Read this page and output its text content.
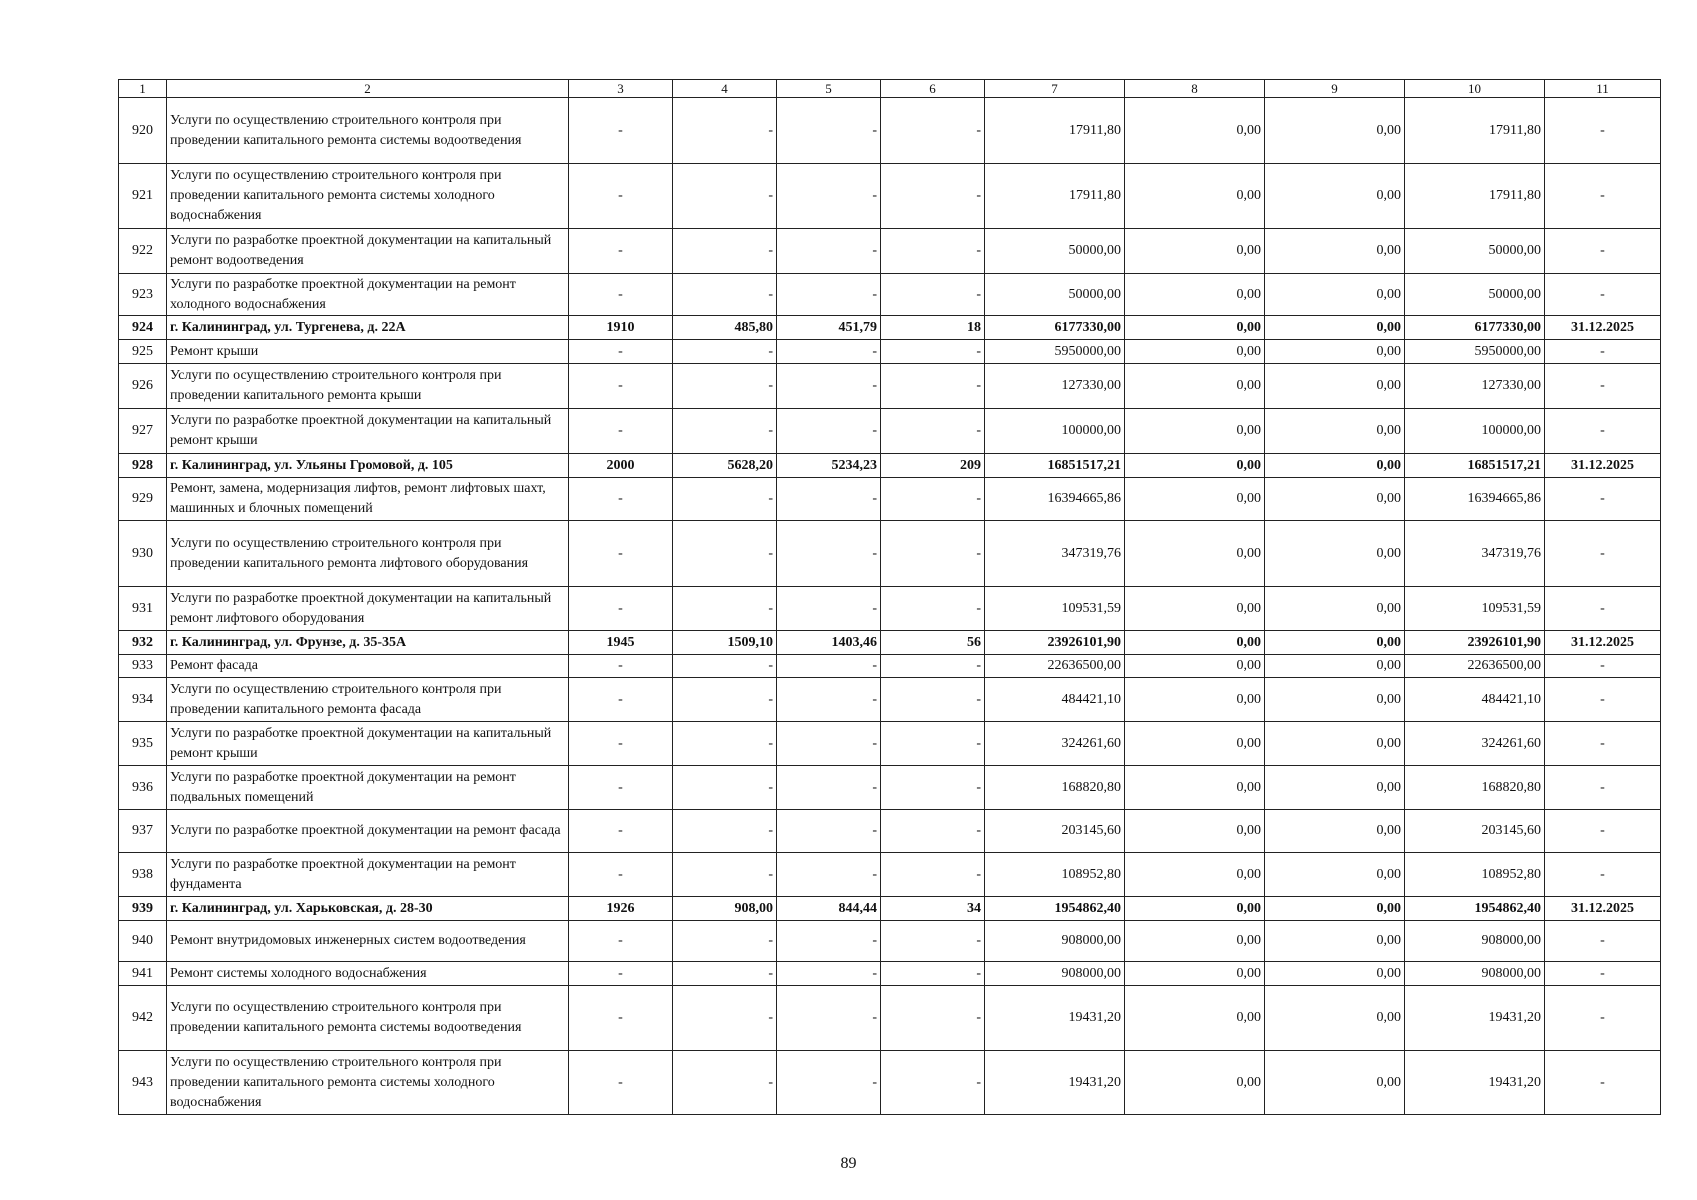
1	2	3	4	5	6	7	8	9	10	11
920	Услуги по осуществлению строительного контроля при проведении капитального ремонта системы водоотведения	-	-	-	-	17911,80	0,00	0,00	17911,80	-
921	Услуги по осуществлению строительного контроля при проведении капитального ремонта системы холодного водоснабжения	-	-	-	-	17911,80	0,00	0,00	17911,80	-
922	Услуги по разработке проектной документации на капитальный ремонт водоотведения	-	-	-	-	50000,00	0,00	0,00	50000,00	-
923	Услуги по разработке проектной документации на ремонт холодного водоснабжения	-	-	-	-	50000,00	0,00	0,00	50000,00	-
924	г. Калининград, ул. Тургенева, д. 22А	1910	485,80	451,79	18	6177330,00	0,00	0,00	6177330,00	31.12.2025
925	Ремонт крыши	-	-	-	-	5950000,00	0,00	0,00	5950000,00	-
926	Услуги по осуществлению строительного контроля при проведении капитального ремонта крыши	-	-	-	-	127330,00	0,00	0,00	127330,00	-
927	Услуги по разработке проектной документации на капитальный ремонт крыши	-	-	-	-	100000,00	0,00	0,00	100000,00	-
928	г. Калининград, ул. Ульяны Громовой, д. 105	2000	5628,20	5234,23	209	16851517,21	0,00	0,00	16851517,21	31.12.2025
929	Ремонт, замена, модернизация лифтов, ремонт лифтовых шахт, машинных и блочных помещений	-	-	-	-	16394665,86	0,00	0,00	16394665,86	-
930	Услуги по осуществлению строительного контроля при проведении капитального ремонта лифтового оборудования	-	-	-	-	347319,76	0,00	0,00	347319,76	-
931	Услуги по разработке проектной документации на капитальный ремонт лифтового оборудования	-	-	-	-	109531,59	0,00	0,00	109531,59	-
932	г. Калининград, ул. Фрунзе, д. 35-35А	1945	1509,10	1403,46	56	23926101,90	0,00	0,00	23926101,90	31.12.2025
933	Ремонт фасада	-	-	-	-	22636500,00	0,00	0,00	22636500,00	-
934	Услуги по осуществлению строительного контроля при проведении капитального ремонта фасада	-	-	-	-	484421,10	0,00	0,00	484421,10	-
935	Услуги по разработке проектной документации на капитальный ремонт крыши	-	-	-	-	324261,60	0,00	0,00	324261,60	-
936	Услуги по разработке проектной документации на ремонт подвальных помещений	-	-	-	-	168820,80	0,00	0,00	168820,80	-
937	Услуги по разработке проектной документации на ремонт фасада	-	-	-	-	203145,60	0,00	0,00	203145,60	-
938	Услуги по разработке проектной документации на ремонт фундамента	-	-	-	-	108952,80	0,00	0,00	108952,80	-
939	г. Калининград, ул. Харьковская, д. 28-30	1926	908,00	844,44	34	1954862,40	0,00	0,00	1954862,40	31.12.2025
940	Ремонт внутридомовых инженерных систем водоотведения	-	-	-	-	908000,00	0,00	0,00	908000,00	-
941	Ремонт системы холодного водоснабжения	-	-	-	-	908000,00	0,00	0,00	908000,00	-
942	Услуги по осуществлению строительного контроля при проведении капитального ремонта системы водоотведения	-	-	-	-	19431,20	0,00	0,00	19431,20	-
943	Услуги по осуществлению строительного контроля при проведении капитального ремонта системы холодного водоснабжения	-	-	-	-	19431,20	0,00	0,00	19431,20	-
89
